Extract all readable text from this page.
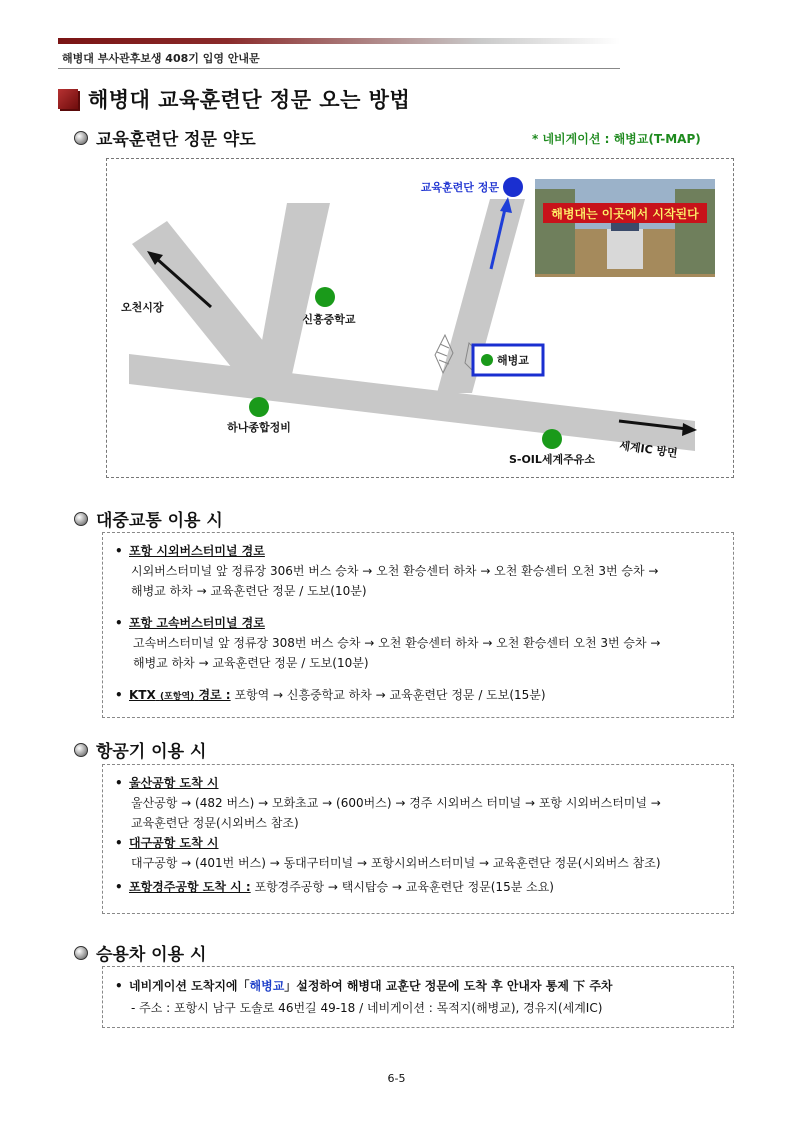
해병대 부사관후보생 408기 입영 안내문
해병대 교육훈련단 정문 오는 방법
교육훈련단 정문 약도	* 네비게이션 : 해병교(T-MAP)
해병대는 이곳에서 시작된다
교육훈련단 정문
오천시장
신흥중학교
해병교
하나종합정비
S-OIL세계주유소 세계IC 방면
대중교통 이용 시
• 포항 시외버스터미널 경로
시외버스터미널 앞 정류장 306번 버스 승차 → 오천 환승센터 하차 → 오천 환승센터 오천 3번 승차 →
해병교 하차 → 교육훈련단 정문 / 도보(10분)
• 포항 고속버스터미널 경로
고속버스터미널 앞 정류장 308번 버스 승차 → 오천 환승센터 하차 → 오천 환승센터 오천 3번 승차 →
해병교 하차 → 교육훈련단 정문 / 도보(10분)
• KTX (포항역) 경로 : 포항역 → 신흥중학교 하차 → 교육훈련단 정문 / 도보(15분)
항공기 이용 시
• 울산공항 도착 시
울산공항 → (482 버스) → 모화초교 → (600버스) → 경주 시외버스 터미널 → 포항 시외버스터미널 →
교육훈련단 정문(시외버스 참조)
• 대구공항 도착 시
대구공항 → (401번 버스) → 동대구터미널 → 포항시외버스터미널 → 교육훈련단 정문(시외버스 참조)
• 포항경주공항 도착 시 : 포항경주공항 → 택시탑승 → 교육훈련단 정문(15분 소요)
승용차 이용 시
• 네비게이션 도착지에「해병교」설정하여 해병대 교훈단 정문에 도착 후 안내자 통제 下 주차
- 주소 : 포항시 남구 도솔로 46번길 49-18 / 네비게이션 : 목적지(해병교), 경유지(세계IC)
6-5
